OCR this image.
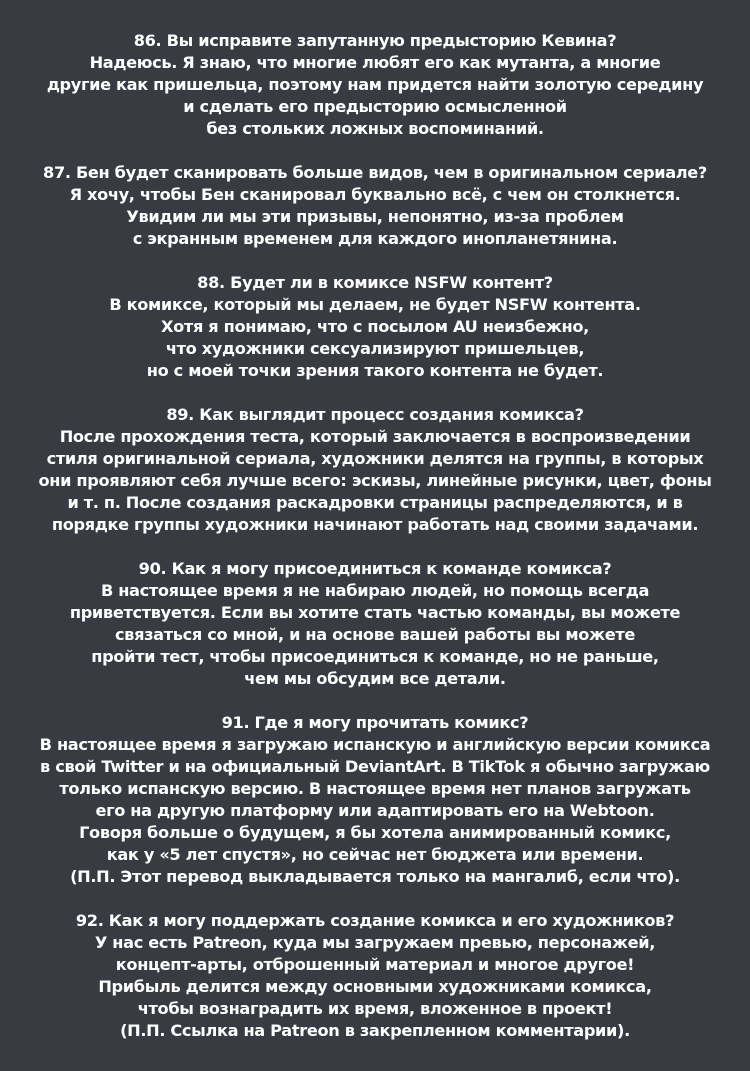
86. Вы исправите запутанную предысторию Кевина?
Надеюсь. Я знаю, что многие любят его как мутанта, а многие
другие как пришельца, поэтому нам придется найти золотую середину
и сделать его предысторию осмысленной
без стольких ложных воспоминаний.
87. Бен будет сканировать больше видов, чем в оригинальном сериале?
Я хочу, чтобы Бен сканировал буквально всё, с чем он столкнется.
Увидим ли мы эти призывы, непонятно, из-за проблем
с экранным временем для каждого инопланетянина.
88. Будет ли в комиксе NSFW контент?
В комиксе, который мы делаем, не будет NSFW контента.
Хотя я понимаю, что с посылом AU неизбежно,
что художники сексуализируют пришельцев,
но с моей точки зрения такого контента не будет.
89. Как выглядит процесс создания комикса?
После прохождения теста, который заключается в воспроизведении
стиля оригинальной сериала, художники делятся на группы, в которых
они проявляют себя лучше всего: эскизы, линейные рисунки, цвет, фоны
и т. п. После создания раскадровки страницы распределяются, и в
порядке группы художники начинают работать над своими задачами.
90. Как я могу присоединиться к команде комикса?
В настоящее время я не набираю людей, но помощь всегда
приветствуется. Если вы хотите стать частью команды, вы можете
связаться со мной, и на основе вашей работы вы можете
пройти тест, чтобы присоединиться к команде, но не раньше,
чем мы обсудим все детали.
91. Где я могу прочитать комикс?
В настоящее время я загружаю испанскую и английскую версии комикса
в свой Twitter и на официальный DeviantArt. В TikTok я обычно загружаю
только испанскую версию. В настоящее время нет планов загружать
его на другую платформу или адаптировать его на Webtoon.
Говоря больше о будущем, я бы хотела анимированный комикс,
как у «5 лет спустя», но сейчас нет бюджета или времени.
(П.П. Этот перевод выкладывается только на мангалиб, если что).
92. Как я могу поддержать создание комикса и его художников?
У нас есть Patreon, куда мы загружаем превью, персонажей,
концепт-арты, отброшенный материал и многое другое!
Прибыль делится между основными художниками комикса,
чтобы вознаградить их время, вложенное в проект!
(П.П. Ссылка на Patreon в закрепленном комментарии).
